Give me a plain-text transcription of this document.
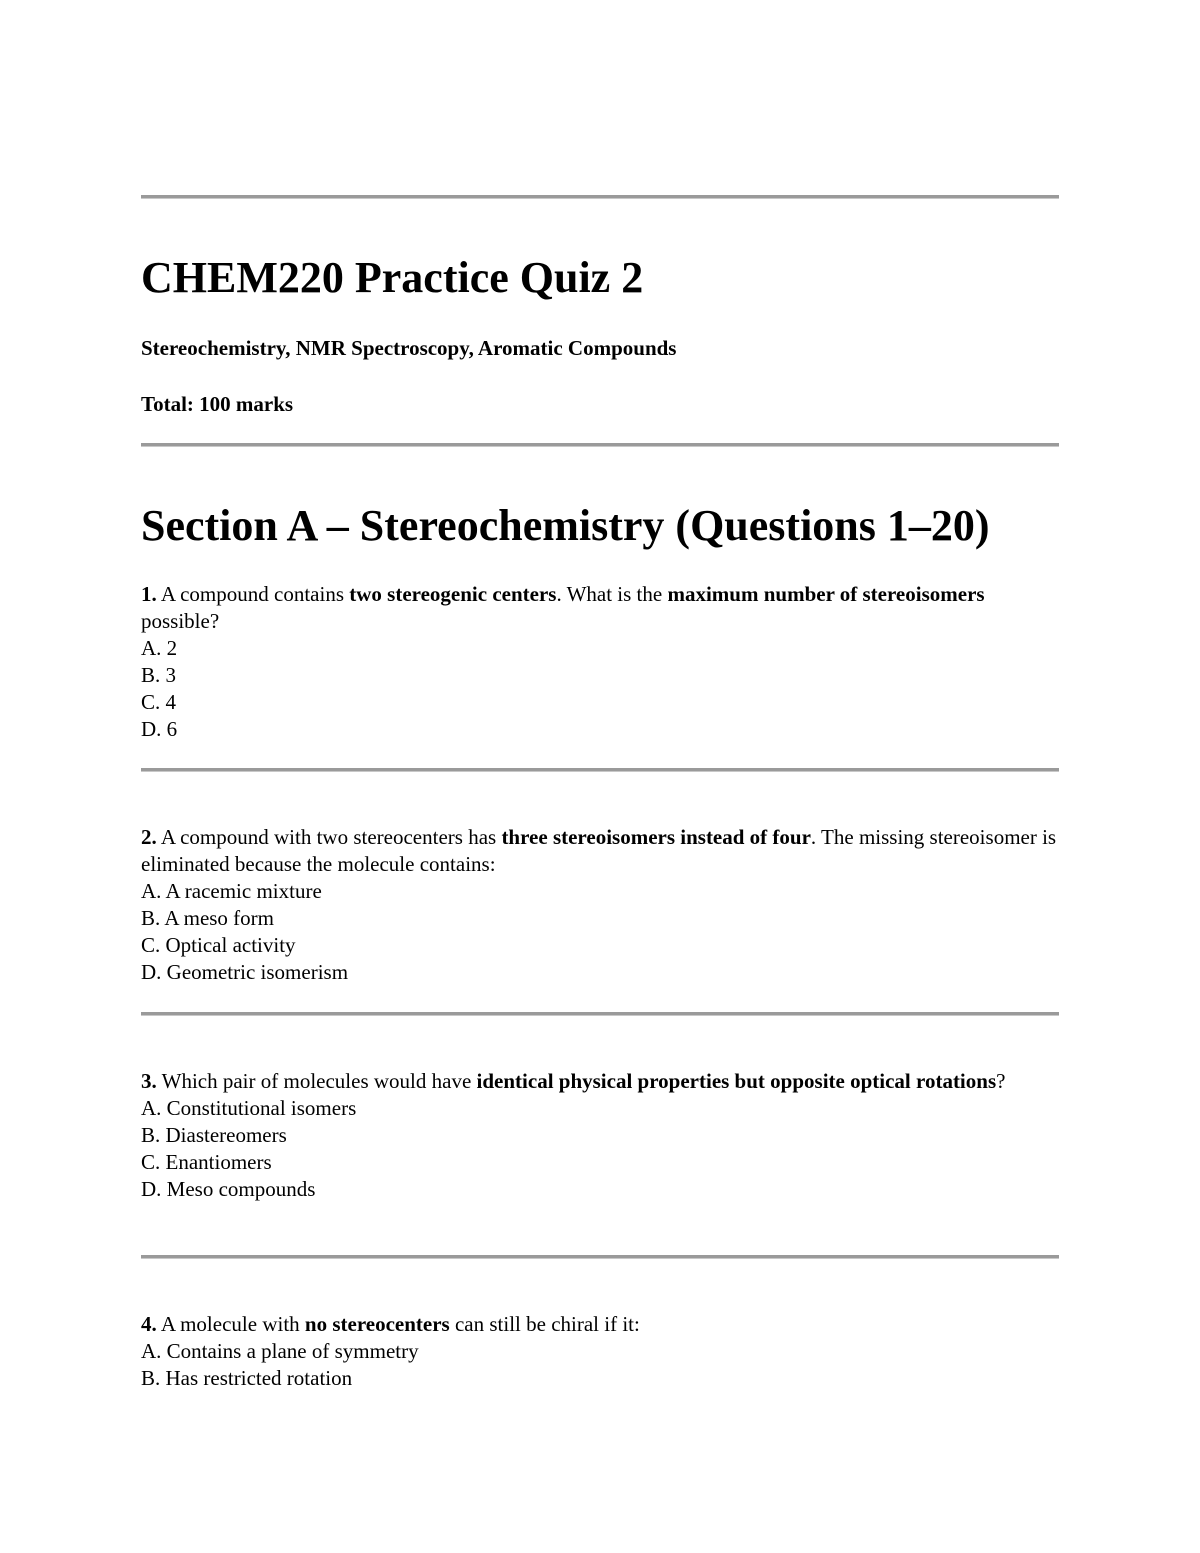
CHEM220 Practice Quiz 2

Stereochemistry, NMR Spectroscopy, Aromatic Compounds

Total: 100 marks

Section A – Stereochemistry (Questions 1–20)

1. A compound contains two stereogenic centers. What is the maximum number of stereoisomers possible?

A. 2
B. 3
C. 4
D. 6

2. A compound with two stereocenters has three stereoisomers instead of four. The missing stereoisomer is eliminated because the molecule contains:

A. A racemic mixture
B. A meso form
C. Optical activity
D. Geometric isomerism

3. Which pair of molecules would have identical physical properties but opposite optical rotations?

A. Constitutional isomers
B. Diastereomers
C. Enantiomers
D. Meso compounds

4. A molecule with no stereocenters can still be chiral if it:

A. Contains a plane of symmetry
B. Has restricted rotation
